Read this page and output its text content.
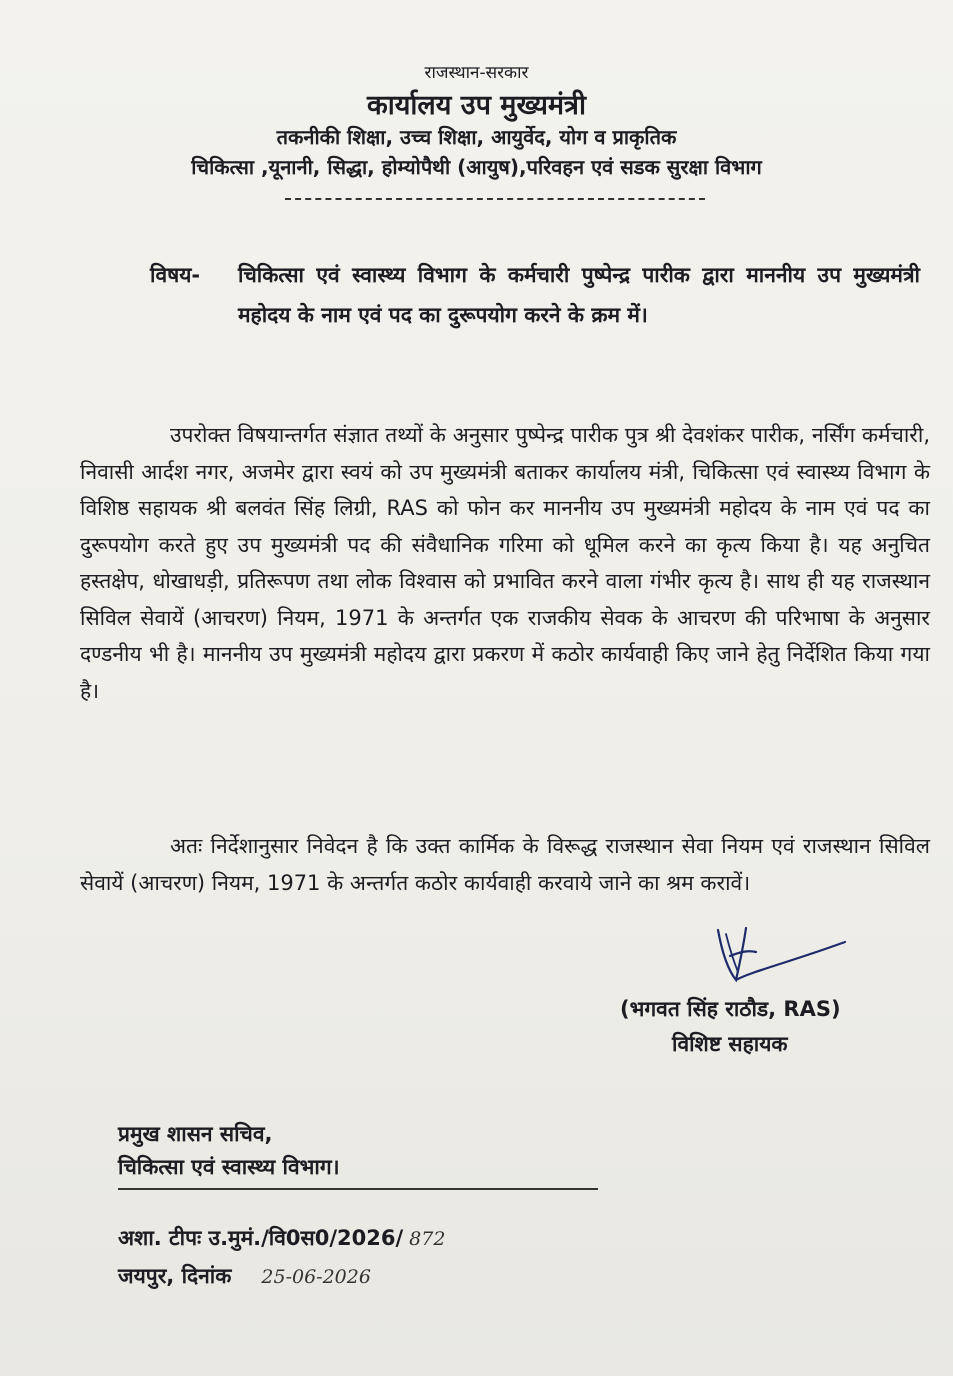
राजस्थान-सरकार
कार्यालय उप मुख्यमंत्री
तकनीकी शिक्षा, उच्च शिक्षा, आयुर्वेद, योग व प्राकृतिक
चिकित्सा ,यूनानी, सिद्धा, होम्योपैथी (आयुष),परिवहन एवं सडक सुरक्षा विभाग
विषय-	चिकित्सा एवं स्वास्थ्य विभाग के कर्मचारी पुष्पेन्द्र पारीक द्वारा माननीय उप मुख्यमंत्री महोदय के नाम एवं पद का दुरूपयोग करने के क्रम में।
उपरोक्त विषयान्तर्गत संज्ञात तथ्यों के अनुसार पुष्पेन्द्र पारीक पुत्र श्री देवशंकर पारीक, नर्सिंग कर्मचारी, निवासी आर्दश नगर, अजमेर द्वारा स्वयं को उप मुख्यमंत्री बताकर कार्यालय मंत्री, चिकित्सा एवं स्वास्थ्य विभाग के विशिष्ठ सहायक श्री बलवंत सिंह लिग्री, RAS को फोन कर माननीय उप मुख्यमंत्री महोदय के नाम एवं पद का दुरूपयोग करते हुए उप मुख्यमंत्री पद की संवैधानिक गरिमा को धूमिल करने का कृत्य किया है। यह अनुचित हस्तक्षेप, धोखाधड़ी, प्रतिरूपण तथा लोक विश्वास को प्रभावित करने वाला गंभीर कृत्य है। साथ ही यह राजस्थान सिविल सेवायें (आचरण) नियम, 1971 के अन्तर्गत एक राजकीय सेवक के आचरण की परिभाषा के अनुसार दण्डनीय भी है। माननीय उप मुख्यमंत्री महोदय द्वारा प्रकरण में कठोर कार्यवाही किए जाने हेतु निर्देशित किया गया है।
अतः निर्देशानुसार निवेदन है कि उक्त कार्मिक के विरूद्ध राजस्थान सेवा नियम एवं राजस्थान सिविल सेवायें (आचरण) नियम, 1971 के अन्तर्गत कठोर कार्यवाही करवाये जाने का श्रम करावें।
(भगवत सिंह राठौड, RAS)
विशिष्ट सहायक
प्रमुख शासन सचिव,
चिकित्सा एवं स्वास्थ्य विभाग।
अशा. टीपः उ.मुमं./वि0स0/2026/ 872
जयपुर, दिनांक 25-06-2026
